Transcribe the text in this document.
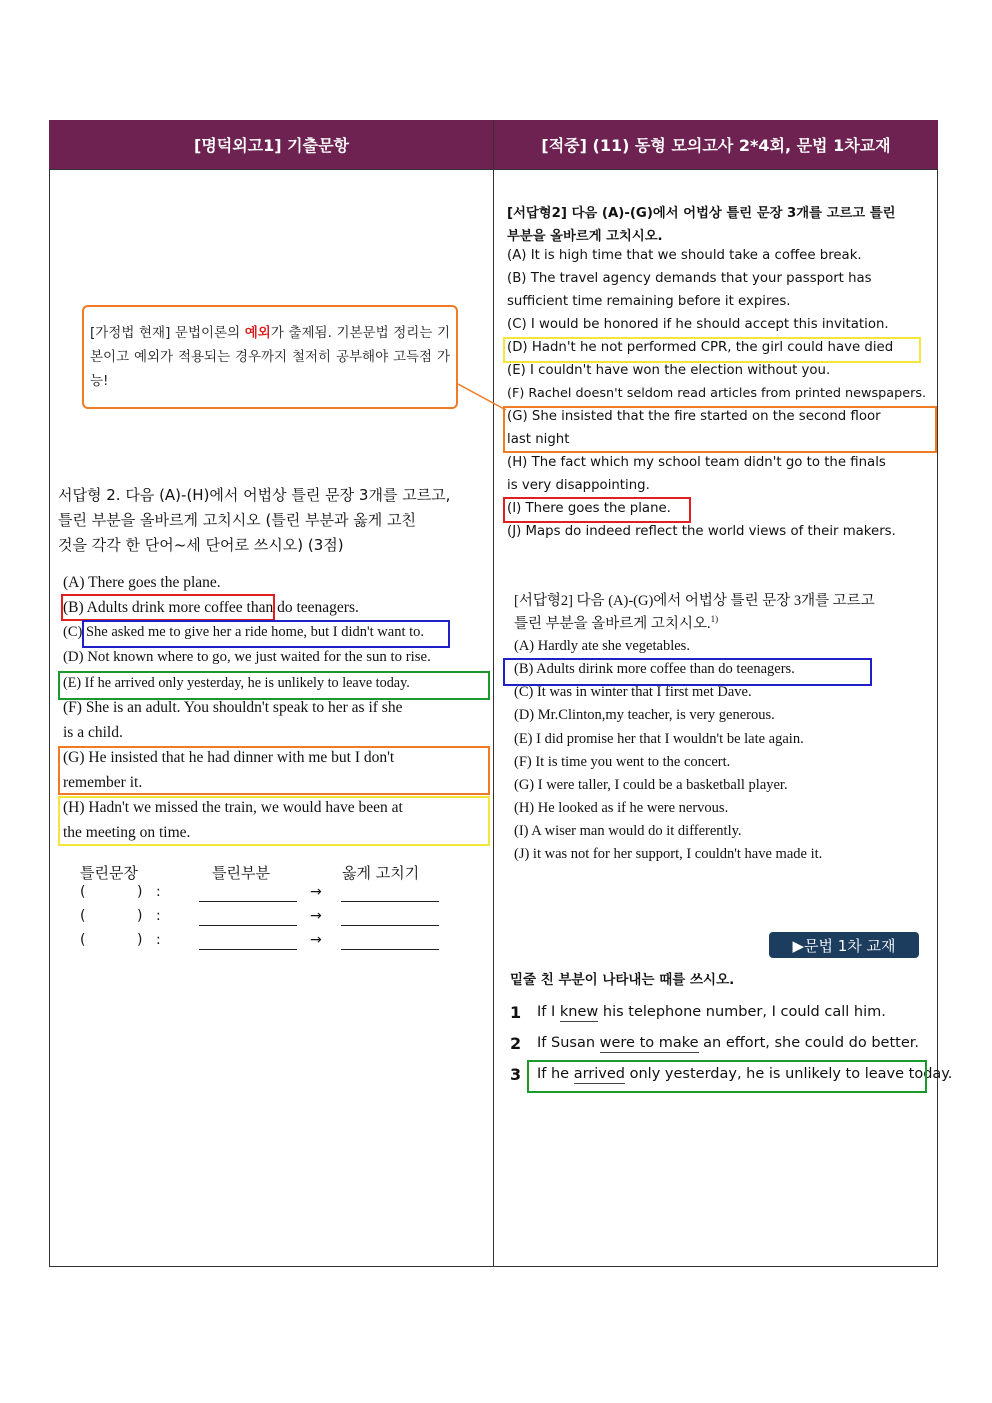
[명덕외고1] 기출문항	[적중] (11) 동형 모의고사 2*4회, 문법 1차교재
[가정법 현재] 문법이론의 예외가 출제됨. 기본문법 정리는 기본이고 예외가 적용되는 경우까지 철저히 공부해야 고득점 가능!
서답형 2. 다음 (A)-(H)에서 어법상 틀린 문장 3개를 고르고,
틀린 부분을 올바르게 고치시오 (틀린 부분과 옳게 고친
것을 각각 한 단어~세 단어로 쓰시오) (3점)
(A) There goes the plane.
(B) Adults drink more coffee than do teenagers.
(C) She asked me to give her a ride home, but I didn't want to.
(D) Not known where to go, we just waited for the sun to rise.
(E) If he arrived only yesterday, he is unlikely to leave today.
(F) She is an adult. You shouldn't speak to her as if she
is a child.
(G) He insisted that he had dinner with me but I don't
remember it.
(H) Hadn't we missed the train, we would have been at
the meeting on time.
틀린문장	틀린부분	옳게 고치기
(	) :	→
(	) :	→
(	) :	→
[서답형2] 다음 (A)-(G)에서 어법상 틀린 문장 3개를 고르고 틀린
부분을 올바르게 고치시오.
(A) It is high time that we should take a coffee break.
(B) The travel agency demands that your passport has
sufficient time remaining before it expires.
(C) I would be honored if he should accept this invitation.
(D) Hadn't he not performed CPR, the girl could have died
(E) I couldn't have won the election without you.
(F) Rachel doesn't seldom read articles from printed newspapers.
(G) She insisted that the fire started on the second floor
last night
(H) The fact which my school team didn't go to the finals
is very disappointing.
(I) There goes the plane.
(J) Maps do indeed reflect the world views of their makers.
[서답형2] 다음 (A)-(G)에서 어법상 틀린 문장 3개를 고르고
틀린 부분을 올바르게 고치시오.$^{1)}$
(A) Hardly ate she vegetables.
(B) Adults dirink more coffee than do teenagers.
(C) It was in winter that I first met Dave.
(D) Mr.Clinton,my teacher, is very generous.
(E) I did promise her that I wouldn't be late again.
(F) It is time you went to the concert.
(G) I were taller, I could be a basketball player.
(H) He looked as if he were nervous.
(I) A wiser man would do it differently.
(J) it was not for her support, I couldn't have made it.
▶문법 1차 교재
밑줄 친 부분이 나타내는 때를 쓰시오.
1 If I knew his telephone number, I could call him.
2 If Susan were to make an effort, she could do better.
3 If he arrived only yesterday, he is unlikely to leave today.
